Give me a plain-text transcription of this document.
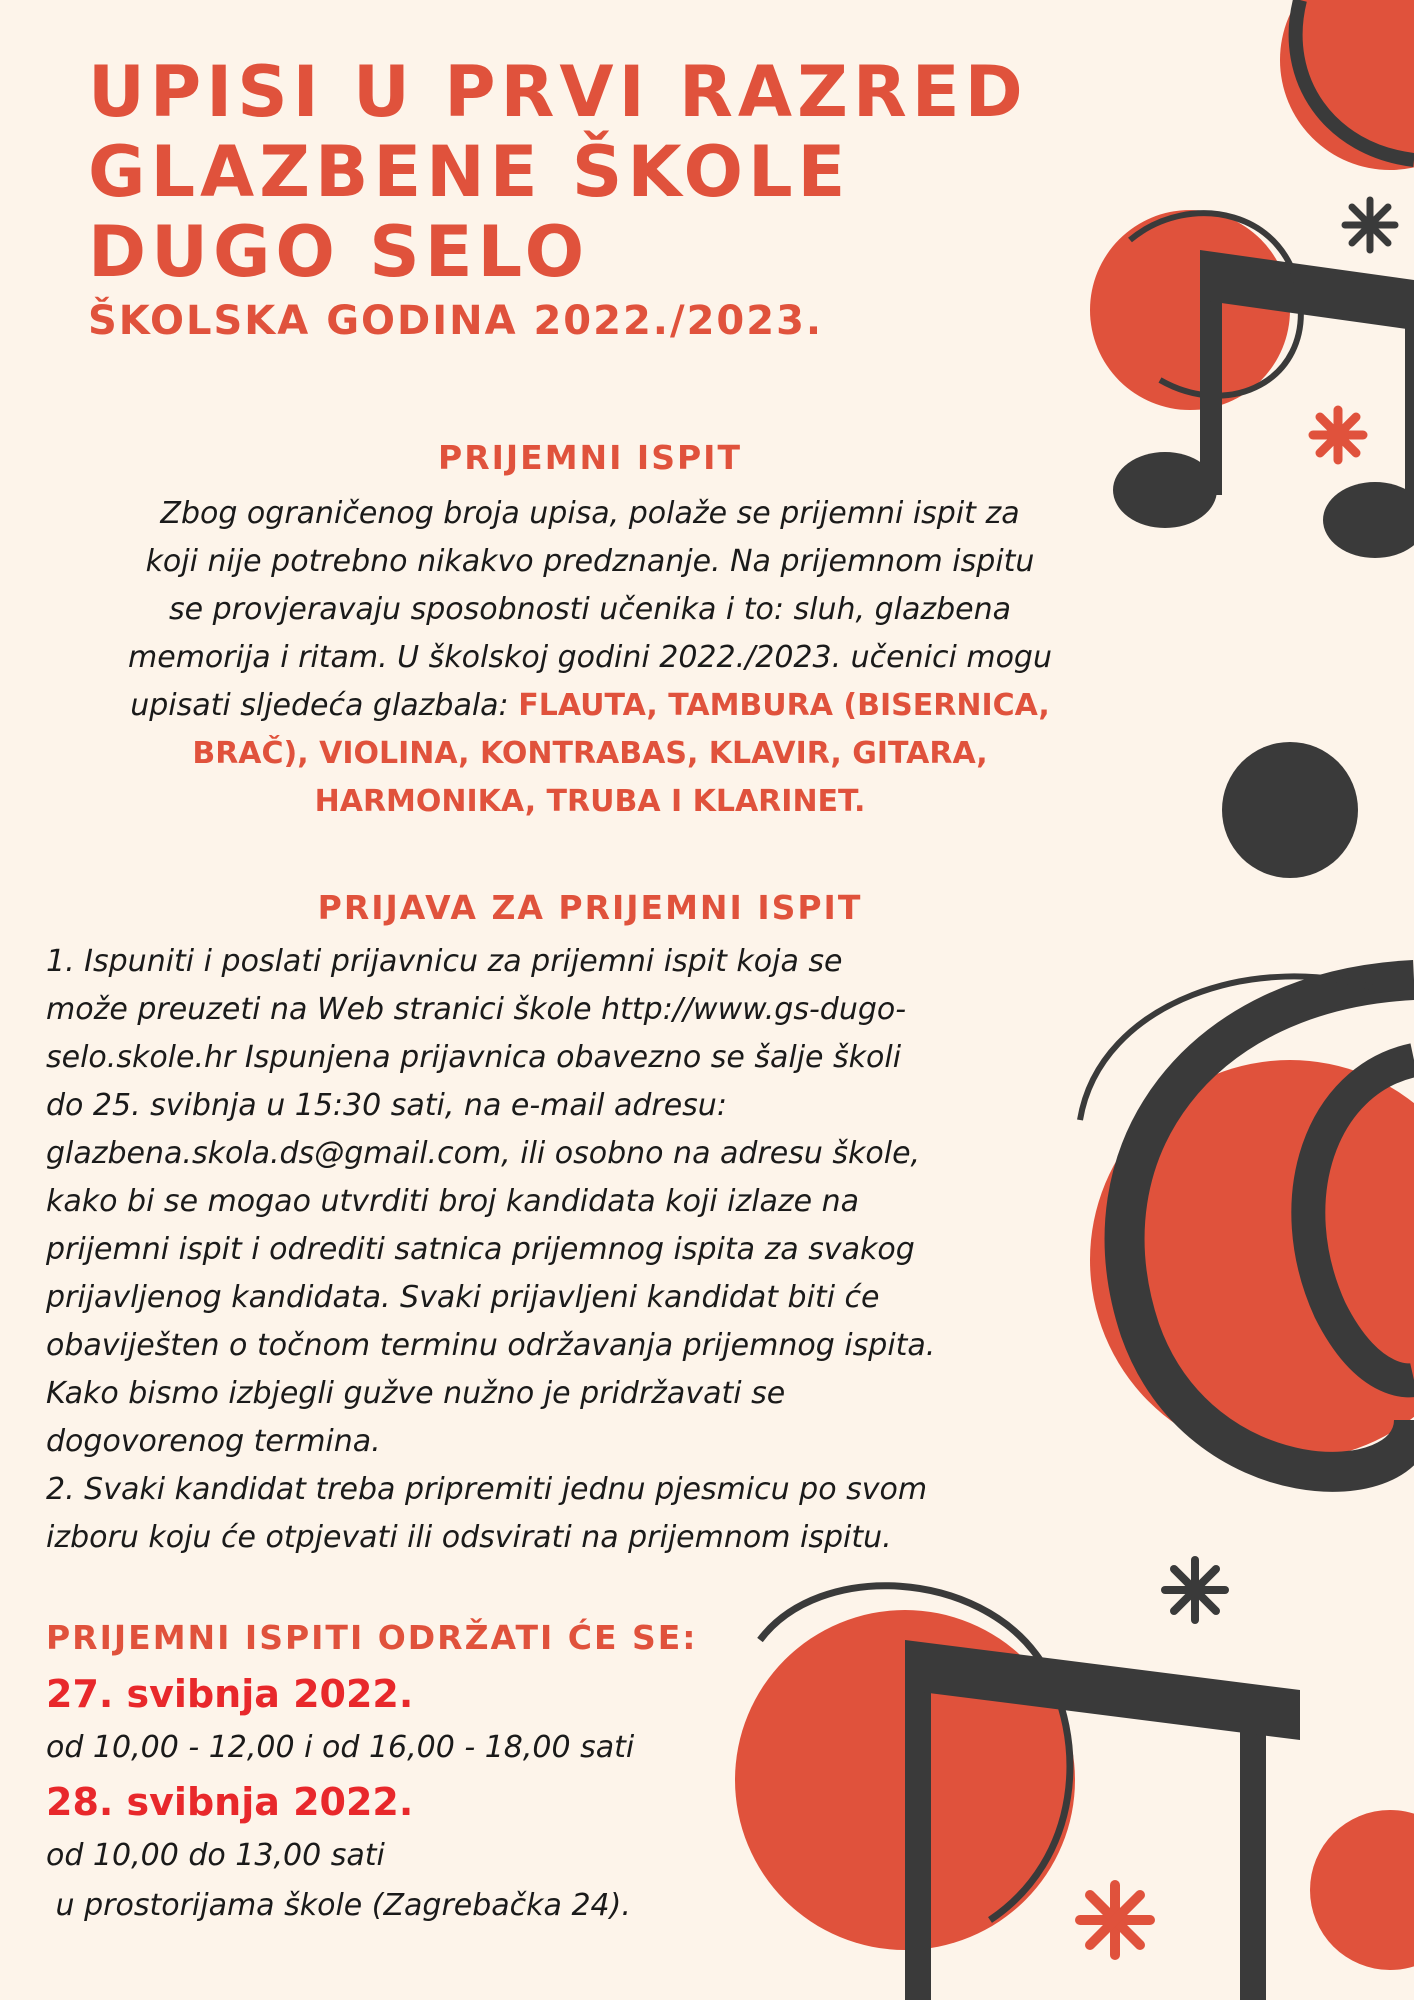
UPISI U PRVI RAZRED
GLAZBENE ŠKOLE
DUGO SELO
ŠKOLSKA GODINA 2022./2023.
PRIJEMNI ISPIT
Zbog ograničenog broja upisa, polaže se prijemni ispit za
koji nije potrebno nikakvo predznanje. Na prijemnom ispitu
se provjeravaju sposobnosti učenika i to: sluh, glazbena
memorija i ritam. U školskoj godini 2022./2023. učenici mogu
upisati sljedeća glazbala: FLAUTA, TAMBURA (BISERNICA,
BRAČ), VIOLINA, KONTRABAS, KLAVIR, GITARA,
HARMONIKA, TRUBA I KLARINET.
PRIJAVA ZA PRIJEMNI ISPIT
1. Ispuniti i poslati prijavnicu za prijemni ispit koja se
može preuzeti na Web stranici škole http://www.gs-dugo-
selo.skole.hr Ispunjena prijavnica obavezno se šalje školi
do 25. svibnja u 15:30 sati, na e-mail adresu:
glazbena.skola.ds@gmail.com, ili osobno na adresu škole,
kako bi se mogao utvrditi broj kandidata koji izlaze na
prijemni ispit i odrediti satnica prijemnog ispita za svakog
prijavljenog kandidata. Svaki prijavljeni kandidat biti će
obaviješten o točnom terminu održavanja prijemnog ispita.
Kako bismo izbjegli gužve nužno je pridržavati se
dogovorenog termina.
2. Svaki kandidat treba pripremiti jednu pjesmicu po svom
izboru koju će otpjevati ili odsvirati na prijemnom ispitu.
PRIJEMNI ISPITI ODRŽATI ĆE SE:
27. svibnja 2022.
od 10,00 - 12,00 i od 16,00 - 18,00 sati
28. svibnja 2022.
od 10,00 do 13,00 sati
u prostorijama škole (Zagrebačka 24).
